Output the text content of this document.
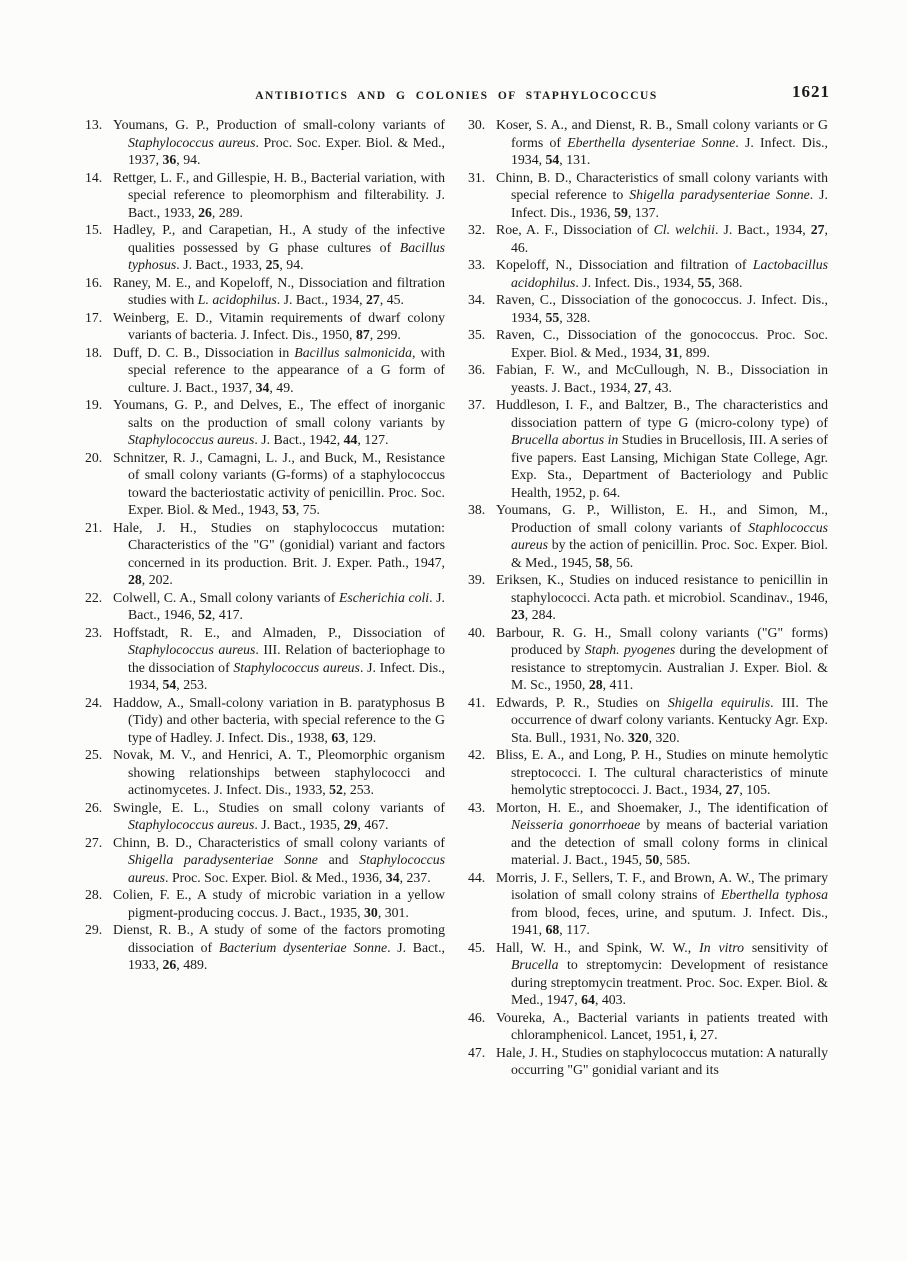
ANTIBIOTICS AND G COLONIES OF STAPHYLOCOCCUS	1621

13. Youmans, G. P., Production of small-colony variants of Staphylococcus aureus. Proc. Soc. Exper. Biol. & Med., 1937, 36, 94.

14. Rettger, L. F., and Gillespie, H. B., Bacterial variation, with special reference to pleomorphism and filterability. J. Bact., 1933, 26, 289.

15. Hadley, P., and Carapetian, H., A study of the infective qualities possessed by G phase cultures of Bacillus typhosus. J. Bact., 1933, 25, 94.

16. Raney, M. E., and Kopeloff, N., Dissociation and filtration studies with L. acidophilus. J. Bact., 1934, 27, 45.

17. Weinberg, E. D., Vitamin requirements of dwarf colony variants of bacteria. J. Infect. Dis., 1950, 87, 299.

18. Duff, D. C. B., Dissociation in Bacillus salmonicida, with special reference to the appearance of a G form of culture. J. Bact., 1937, 34, 49.

19. Youmans, G. P., and Delves, E., The effect of inorganic salts on the production of small colony variants by Staphylococcus aureus. J. Bact., 1942, 44, 127.

20. Schnitzer, R. J., Camagni, L. J., and Buck, M., Resistance of small colony variants (G-forms) of a staphylococcus toward the bacteriostatic activity of penicillin. Proc. Soc. Exper. Biol. & Med., 1943, 53, 75.

21. Hale, J. H., Studies on staphylococcus mutation: Characteristics of the "G" (gonidial) variant and factors concerned in its production. Brit. J. Exper. Path., 1947, 28, 202.

22. Colwell, C. A., Small colony variants of Escherichia coli. J. Bact., 1946, 52, 417.

23. Hoffstadt, R. E., and Almaden, P., Dissociation of Staphylococcus aureus. III. Relation of bacteriophage to the dissociation of Staphylococcus aureus. J. Infect. Dis., 1934, 54, 253.

24. Haddow, A., Small-colony variation in B. paratyphosus B (Tidy) and other bacteria, with special reference to the G type of Hadley. J. Infect. Dis., 1938, 63, 129.

25. Novak, M. V., and Henrici, A. T., Pleomorphic organism showing relationships between staphylococci and actinomycetes. J. Infect. Dis., 1933, 52, 253.

26. Swingle, E. L., Studies on small colony variants of Staphylococcus aureus. J. Bact., 1935, 29, 467.

27. Chinn, B. D., Characteristics of small colony variants of Shigella paradysenteriae Sonne and Staphylococcus aureus. Proc. Soc. Exper. Biol. & Med., 1936, 34, 237.

28. Colien, F. E., A study of microbic variation in a yellow pigment-producing coccus. J. Bact., 1935, 30, 301.

29. Dienst, R. B., A study of some of the factors promoting dissociation of Bacterium dysenteriae Sonne. J. Bact., 1933, 26, 489.

30. Koser, S. A., and Dienst, R. B., Small colony variants or G forms of Eberthella dysenteriae Sonne. J. Infect. Dis., 1934, 54, 131.

31. Chinn, B. D., Characteristics of small colony variants with special reference to Shigella paradysenteriae Sonne. J. Infect. Dis., 1936, 59, 137.

32. Roe, A. F., Dissociation of Cl. welchii. J. Bact., 1934, 27, 46.

33. Kopeloff, N., Dissociation and filtration of Lactobacillus acidophilus. J. Infect. Dis., 1934, 55, 368.

34. Raven, C., Dissociation of the gonococcus. J. Infect. Dis., 1934, 55, 328.

35. Raven, C., Dissociation of the gonococcus. Proc. Soc. Exper. Biol. & Med., 1934, 31, 899.

36. Fabian, F. W., and McCullough, N. B., Dissociation in yeasts. J. Bact., 1934, 27, 43.

37. Huddleson, I. F., and Baltzer, B., The characteristics and dissociation pattern of type G (micro-colony type) of Brucella abortus in Studies in Brucellosis, III. A series of five papers. East Lansing, Michigan State College, Agr. Exp. Sta., Department of Bacteriology and Public Health, 1952, p. 64.

38. Youmans, G. P., Williston, E. H., and Simon, M., Production of small colony variants of Staphlococcus aureus by the action of penicillin. Proc. Soc. Exper. Biol. & Med., 1945, 58, 56.

39. Eriksen, K., Studies on induced resistance to penicillin in staphylococci. Acta path. et microbiol. Scandinav., 1946, 23, 284.

40. Barbour, R. G. H., Small colony variants ("G" forms) produced by Staph. pyogenes during the development of resistance to streptomycin. Australian J. Exper. Biol. & M. Sc., 1950, 28, 411.

41. Edwards, P. R., Studies on Shigella equirulis. III. The occurrence of dwarf colony variants. Kentucky Agr. Exp. Sta. Bull., 1931, No. 320, 320.

42. Bliss, E. A., and Long, P. H., Studies on minute hemolytic streptococci. I. The cultural characteristics of minute hemolytic streptococci. J. Bact., 1934, 27, 105.

43. Morton, H. E., and Shoemaker, J., The identification of Neisseria gonorrhoeae by means of bacterial variation and the detection of small colony forms in clinical material. J. Bact., 1945, 50, 585.

44. Morris, J. F., Sellers, T. F., and Brown, A. W., The primary isolation of small colony strains of Eberthella typhosa from blood, feces, urine, and sputum. J. Infect. Dis., 1941, 68, 117.

45. Hall, W. H., and Spink, W. W., In vitro sensitivity of Brucella to streptomycin: Development of resistance during streptomycin treatment. Proc. Soc. Exper. Biol. & Med., 1947, 64, 403.

46. Voureka, A., Bacterial variants in patients treated with chloramphenicol. Lancet, 1951, i, 27.

47. Hale, J. H., Studies on staphylococcus mutation: A naturally occurring "G" gonidial variant and its
